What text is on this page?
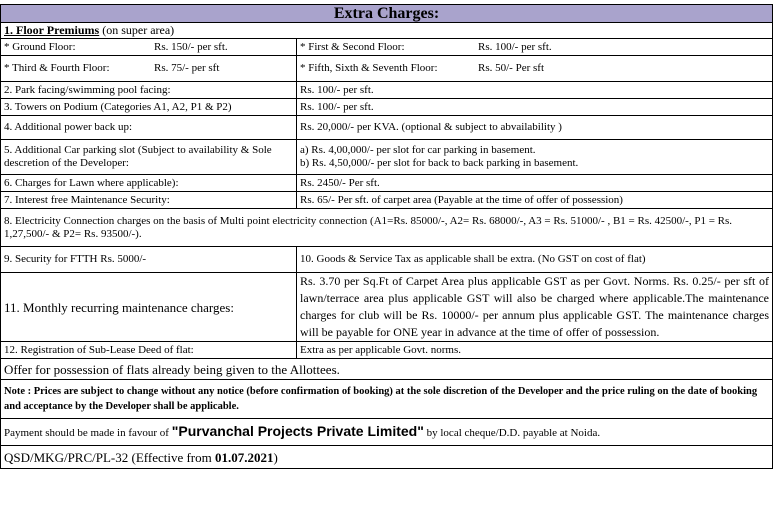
Extra Charges:	
1. Floor Premiums (on super area)	

* Ground Floor: Rs. 150/- per sft.	* First & Second Floor: Rs. 100/- per sft.

* Third & Fourth Floor: Rs. 75/- per sft	* Fifth, Sixth & Seventh Floor: Rs. 50/- Per sft

2. Park facing/swimming pool facing:	Rs. 100/- per sft.
3. Towers on Podium (Categories A1, A2, P1 & P2)	Rs. 100/- per sft.
4. Additional power back up:	Rs. 20,000/- per KVA. (optional & subject to abvailability )
5. Additional Car parking slot (Subject to availability & Sole descretion of the Developer:	a) Rs. 4,00,000/- per slot for car parking in basement.
b) Rs. 4,50,000/- per slot for back to back parking in basement.

6. Charges for Lawn where applicable):	Rs. 2450/- Per sft.
7. Interest free Maintenance Security:	Rs. 65/- Per sft. of carpet area (Payable at the time of offer of possession)
8. Electricity Connection charges on the basis of Multi point electricity connection (A1=Rs. 85000/-, A2= Rs. 68000/-, A3 = Rs. 51000/- , B1 = Rs. 42500/-, P1 = Rs. 1,27,500/- & P2= Rs. 93500/-).	
9. Security for FTTH Rs. 5000/-	10. Goods & Service Tax as applicable shall be extra. (No GST on cost of flat)
11. Monthly recurring maintenance charges:	Rs. 3.70 per Sq.Ft of Carpet Area plus applicable GST as per Govt. Norms. Rs. 0.25/- per sft of lawn/terrace area plus applicable GST will also be charged where applicable.The maintenance charges for club will be Rs. 10000/- per annum plus applicable GST. The maintenance charges will be payable for ONE year in advance at the time of offer of possession.
12. Registration of Sub-Lease Deed of flat:	Extra as per applicable Govt. norms.
Offer for possession of flats already being given to the Allottees.	
Note : Prices are subject to change without any notice (before confirmation of booking) at the sole discretion of the Developer and the price ruling on the date of booking and acceptance by the Developer shall be applicable.	
Payment should be made in favour of "Purvanchal Projects Private Limited" by local cheque/D.D. payable at Noida.	
QSD/MKG/PRC/PL-32 (Effective from 01.07.2021)	
